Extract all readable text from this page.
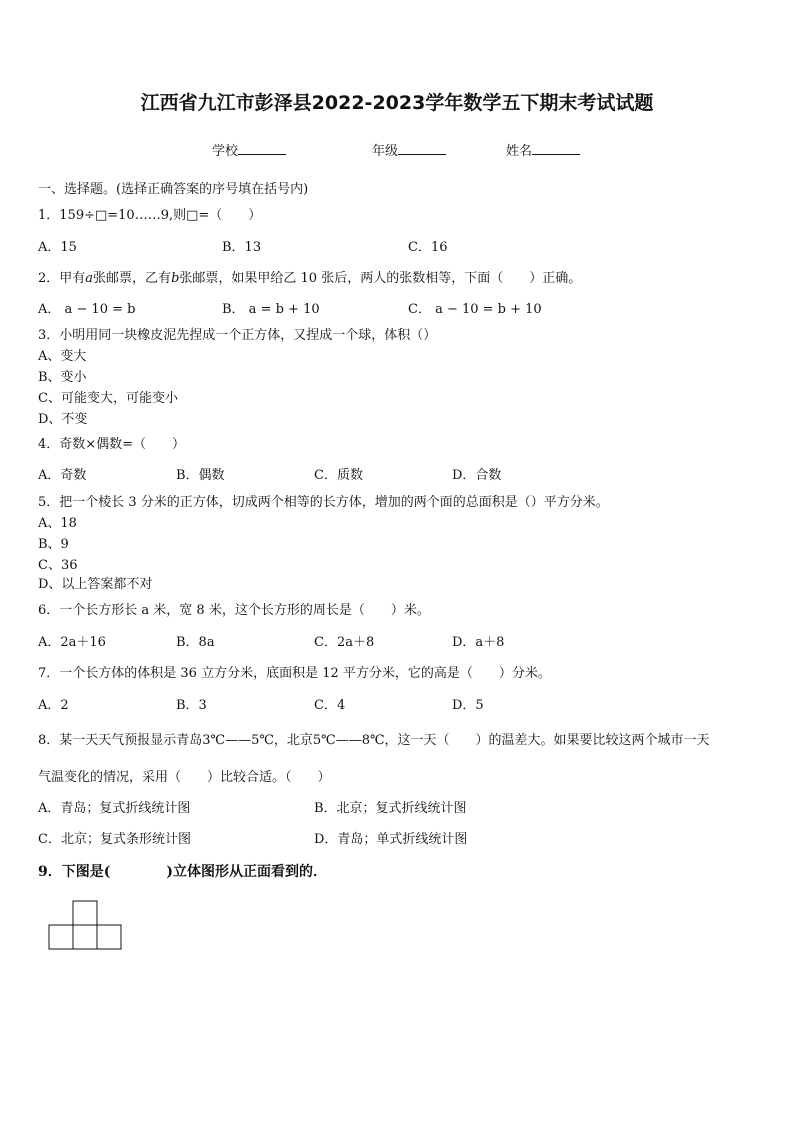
江西省九江市彭泽县2022-2023学年数学五下期末考试试题
学校	年级	姓名
一、选择题。(选择正确答案的序号填在括号内)
1．159÷□=10……9,则□=（　　）
A．15	B．13	C．16
2．甲有a张邮票，乙有b张邮票，如果甲给乙 10 张后，两人的张数相等，下面（　　）正确。
A． a − 10 = b	B． a = b + 10	C． a − 10 = b + 10
3．小明用同一块橡皮泥先捏成一个正方体，又捏成一个球，体积（）
A、变大
B、变小
C、可能变大，可能变小
D、不变
4．奇数×偶数=（　　）
A．奇数	B．偶数	C．质数	D．合数
5．把一个棱长 3 分米的正方体，切成两个相等的长方体，增加的两个面的总面积是（）平方分米。
A、18
B、9
C、36
D、以上答案都不对
6．一个长方形长 a 米，宽 8 米，这个长方形的周长是（　　）米。
A．2a＋16	B．8a	C．2a＋8	D．a＋8
7．一个长方体的体积是 36 立方分米，底面积是 12 平方分米，它的高是（　　）分米。
A．2	B．3	C．4	D．5
8．某一天天气预报显示青岛3℃——5℃，北京5℃——8℃，这一天（　　）的温差大。如果要比较这两个城市一天
气温变化的情况，采用（　　）比较合适。（　　）
A．青岛；复式折线统计图	B．北京；复式折线统计图
C．北京；复式条形统计图	D．青岛；单式折线统计图
9．下图是(　　　　)立体图形从正面看到的．
